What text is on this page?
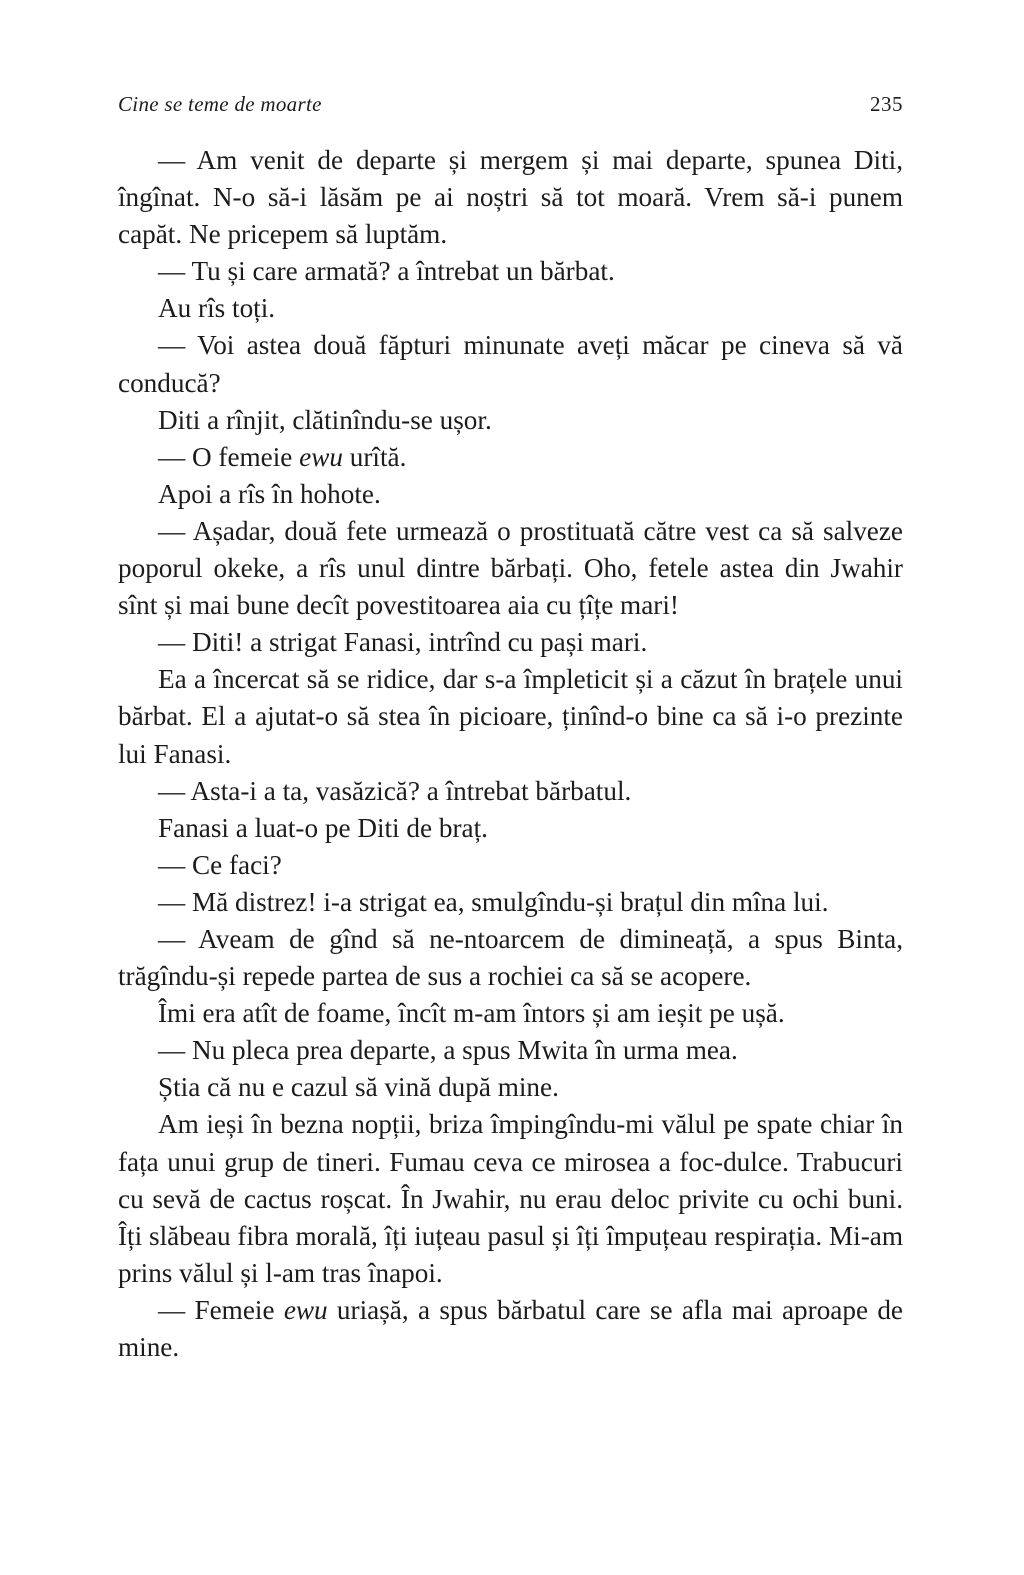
Cine se teme de moarte	235

— Am venit de departe și mergem și mai departe, spunea Diti, îngînat. N-o să-i lăsăm pe ai noștri să tot moară. Vrem să-i punem capăt. Ne pricepem să luptăm.

— Tu și care armată? a întrebat un bărbat.

Au rîs toți.

— Voi astea două făpturi minunate aveți măcar pe cineva să vă conducă?

Diti a rînjit, clătinîndu-se ușor.

— O femeie ewu urîtă.

Apoi a rîs în hohote.

— Așadar, două fete urmează o prostituată către vest ca să salveze poporul okeke, a rîs unul dintre bărbați. Oho, fetele astea din Jwahir sînt și mai bune decît povestitoarea aia cu țîțe mari!

— Diti! a strigat Fanasi, intrînd cu pași mari.

Ea a încercat să se ridice, dar s-a împleticit și a căzut în brațele unui bărbat. El a ajutat-o să stea în picioare, ținînd-o bine ca să i-o prezinte lui Fanasi.

— Asta-i a ta, vasăzică? a întrebat bărbatul.

Fanasi a luat-o pe Diti de braț.

— Ce faci?

— Mă distrez! i-a strigat ea, smulgîndu-și brațul din mîna lui.

— Aveam de gînd să ne-ntoarcem de dimineață, a spus Binta, trăgîndu-și repede partea de sus a rochiei ca să se acopere.

Îmi era atît de foame, încît m-am întors și am ieșit pe ușă.

— Nu pleca prea departe, a spus Mwita în urma mea.

Știa că nu e cazul să vină după mine.

Am ieși în bezna nopții, briza împingîndu-mi vălul pe spate chiar în fața unui grup de tineri. Fumau ceva ce mirosea a foc-dulce. Trabucuri cu sevă de cactus roșcat. În Jwahir, nu erau deloc privite cu ochi buni. Îți slăbeau fibra morală, îți iuțeau pasul și îți împuțeau respirația. Mi-am prins vălul și l-am tras înapoi.

— Femeie ewu uriașă, a spus bărbatul care se afla mai aproape de mine.
